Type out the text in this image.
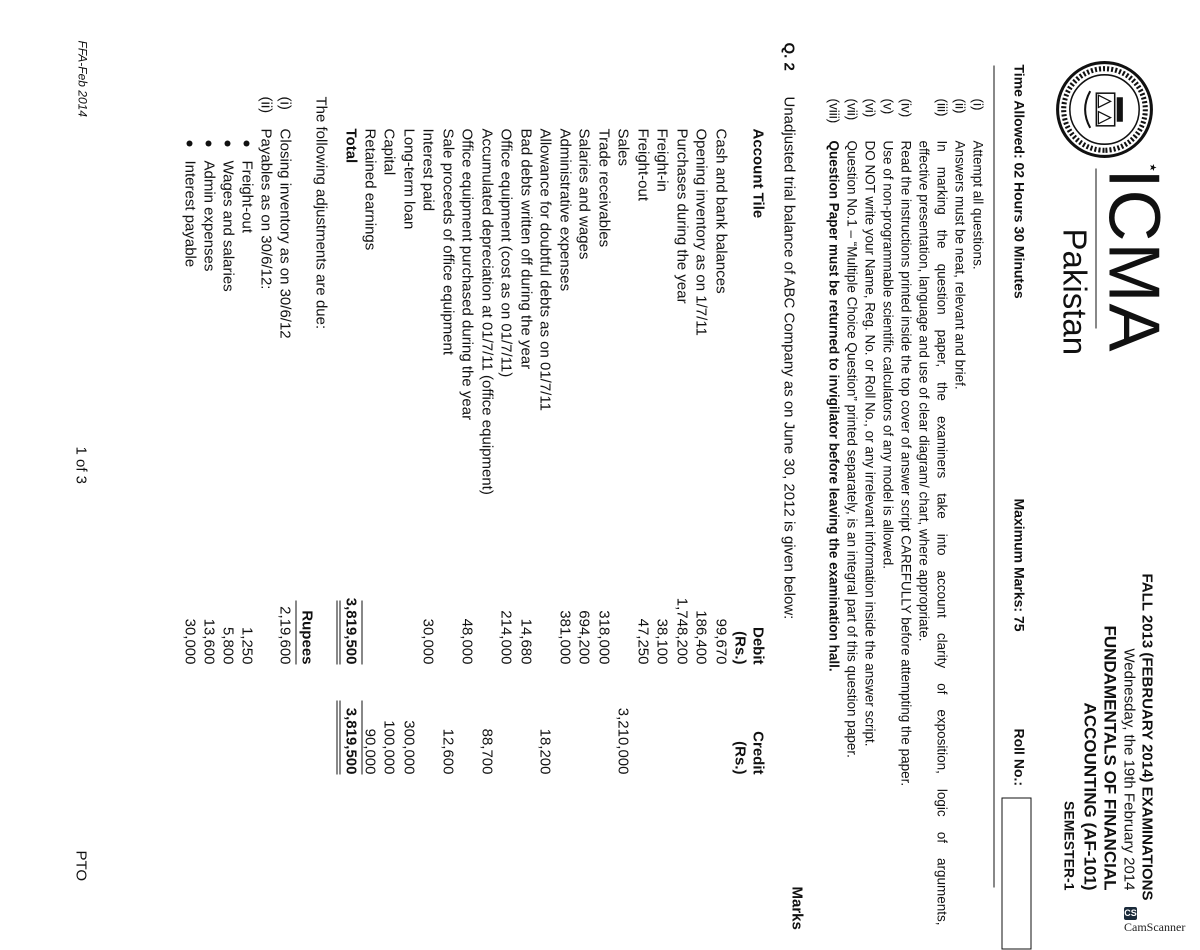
ICMA
Pakistan
FALL 2013 (FEBRUARY 2014) EXAMINATIONS
Wednesday, the 19th February 2014
FUNDAMENTALS OF FINANCIAL
ACCOUNTING (AF-101)
SEMESTER-1
Time Allowed: 02 Hours 30 Minutes
Maximum Marks: 75
Roll No.:
(i)
Attempt all questions.
(ii)
Answers must be neat, relevant and brief.
(iii)
In marking the question paper, the examiners take into account clarity of exposition, logic of arguments,
effective presentation, language and use of clear diagram/ chart, where appropriate.
(iv)
Read the instructions printed inside the top cover of answer script CAREFULLY before attempting the paper.
(v)
Use of non-programmable scientific calculators of any model is allowed.
(vi)
DO NOT write your Name, Reg. No. or Roll No., or any irrelevant information inside the answer script.
(vii)
Question No.1 – “Multiple Choice Question” printed separately, is an integral part of this question paper.
(viii)
Question Paper must be returned to invigilator before leaving the examination hall.
Marks
Q. 2
Unadjusted trial balance of ABC Company as on June 30, 2012 is given below:
Account Tile
Debit
(Rs.)
Credit
(Rs.)
Cash and bank balances
99,670
Opening inventory as on 1/7/11
186,400
Purchases during the year
1,748,200
Freight-in
38,100
Freight-out
47,250
Sales
3,210,000
Trade receivables
318,000
Salaries and wages
694,200
Administrative expenses
381,000
Allowance for doubtful debts as on 01/7/11
18,200
Bad debts written off during the year
14,680
Office equipment (cost as on 01/7/11)
214,000
Accumulated depreciation at 01/7/11 (office equipment)
88,700
Office equipment purchased during the year
48,000
Sale proceeds of office equipment
12,600
Interest paid
30,000
Long-term loan
300,000
Capital
100,000
Retained earnings
90,000
Total
3,819,500
3,819,500
The following adjustments are due:
Rupees
(i)
Closing inventory as on 30/6/12
2,19,600
(ii)
Payables as on 30/6/12:
Freight-out
1,250
Wages and salaries
5,800
Admin expenses
13,600
Interest payable
30,000
FFA-Feb 2014
1 of 3
PTO
CSCamScanner
